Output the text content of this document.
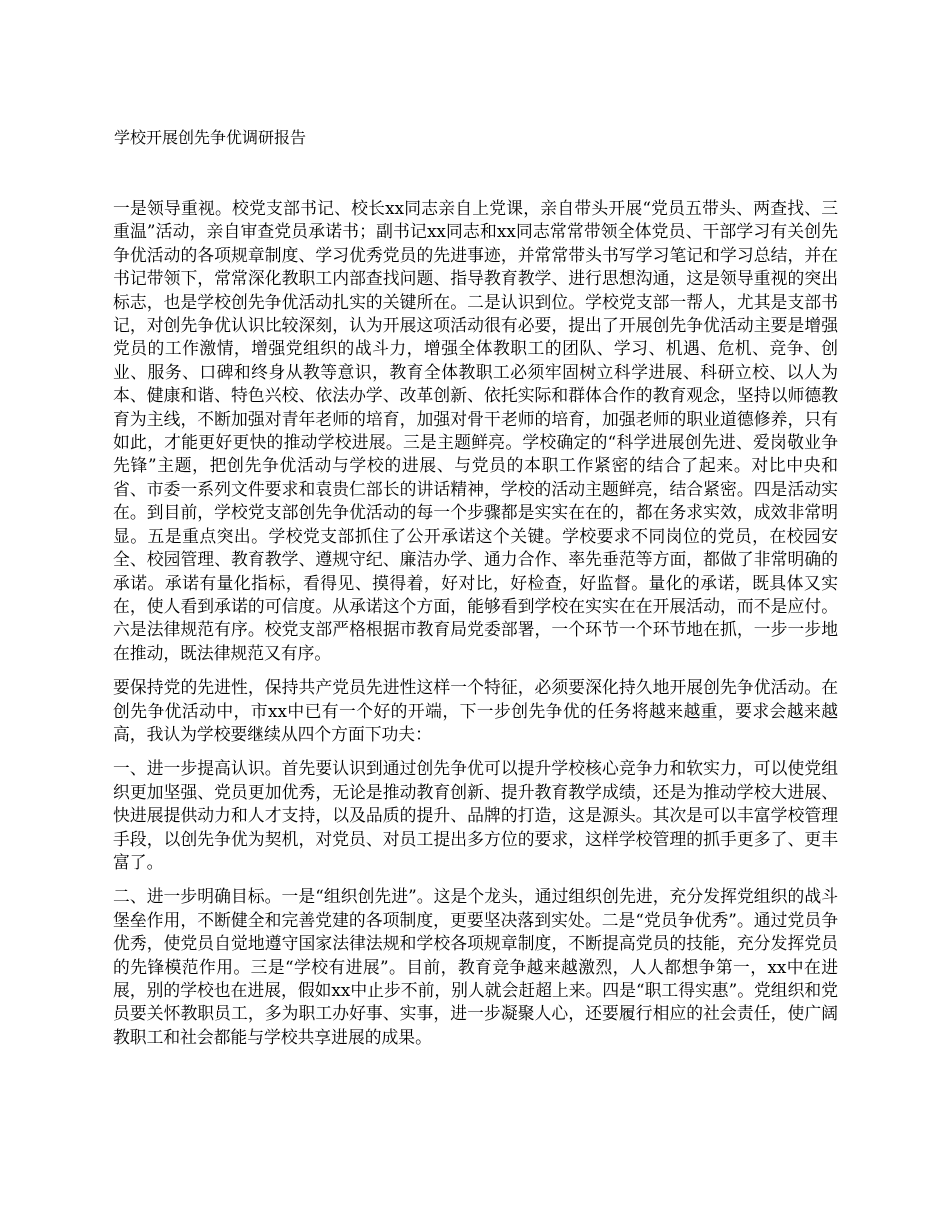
学校开展创先争优调研报告

一是领导重视。校党支部书记、校长xx同志亲自上党课，亲自带头开展“党员五带头、两查找、三重温”活动，亲自审查党员承诺书；副书记xx同志和xx同志常常带领全体党员、干部学习有关创先争优活动的各项规章制度、学习优秀党员的先进事迹，并常常带头书写学习笔记和学习总结，并在书记带领下，常常深化教职工内部查找问题、指导教育教学、进行思想沟通，这是领导重视的突出标志，也是学校创先争优活动扎实的关键所在。二是认识到位。学校党支部一帮人，尤其是支部书记，对创先争优认识比较深刻，认为开展这项活动很有必要，提出了开展创先争优活动主要是增强党员的工作激情，增强党组织的战斗力，增强全体教职工的团队、学习、机遇、危机、竞争、创业、服务、口碑和终身从教等意识，教育全体教职工必须牢固树立科学进展、科研立校、以人为本、健康和谐、特色兴校、依法办学、改革创新、依托实际和群体合作的教育观念，坚持以师德教育为主线，不断加强对青年老师的培育，加强对骨干老师的培育，加强老师的职业道德修养，只有如此，才能更好更快的推动学校进展。三是主题鲜亮。学校确定的“科学进展创先进、爱岗敬业争先锋”主题，把创先争优活动与学校的进展、与党员的本职工作紧密的结合了起来。对比中央和省、市委一系列文件要求和袁贵仁部长的讲话精神，学校的活动主题鲜亮，结合紧密。四是活动实在。到目前，学校党支部创先争优活动的每一个步骤都是实实在在的，都在务求实效，成效非常明显。五是重点突出。学校党支部抓住了公开承诺这个关键。学校要求不同岗位的党员，在校园安全、校园管理、教育教学、遵规守纪、廉洁办学、通力合作、率先垂范等方面，都做了非常明确的承诺。承诺有量化指标，看得见、摸得着，好对比，好检查，好监督。量化的承诺，既具体又实在，使人看到承诺的可信度。从承诺这个方面，能够看到学校在实实在在开展活动，而不是应付。六是法律规范有序。校党支部严格根据市教育局党委部署，一个环节一个环节地在抓，一步一步地在推动，既法律规范又有序。

要保持党的先进性，保持共产党员先进性这样一个特征，必须要深化持久地开展创先争优活动。在创先争优活动中，市xx中已有一个好的开端，下一步创先争优的任务将越来越重，要求会越来越高，我认为学校要继续从四个方面下功夫：

一、进一步提高认识。首先要认识到通过创先争优可以提升学校核心竞争力和软实力，可以使党组织更加坚强、党员更加优秀，无论是推动教育创新、提升教育教学成绩，还是为推动学校大进展、快进展提供动力和人才支持，以及品质的提升、品牌的打造，这是源头。其次是可以丰富学校管理手段，以创先争优为契机，对党员、对员工提出多方位的要求，这样学校管理的抓手更多了、更丰富了。

二、进一步明确目标。一是“组织创先进”。这是个龙头，通过组织创先进，充分发挥党组织的战斗堡垒作用，不断健全和完善党建的各项制度，更要坚决落到实处。二是“党员争优秀”。通过党员争优秀，使党员自觉地遵守国家法律法规和学校各项规章制度，不断提高党员的技能，充分发挥党员的先锋模范作用。三是“学校有进展”。目前，教育竞争越来越激烈，人人都想争第一，xx中在进展，别的学校也在进展，假如xx中止步不前，别人就会赶超上来。四是“职工得实惠”。党组织和党员要关怀教职员工，多为职工办好事、实事，进一步凝聚人心，还要履行相应的社会责任，使广阔教职工和社会都能与学校共享进展的成果。
